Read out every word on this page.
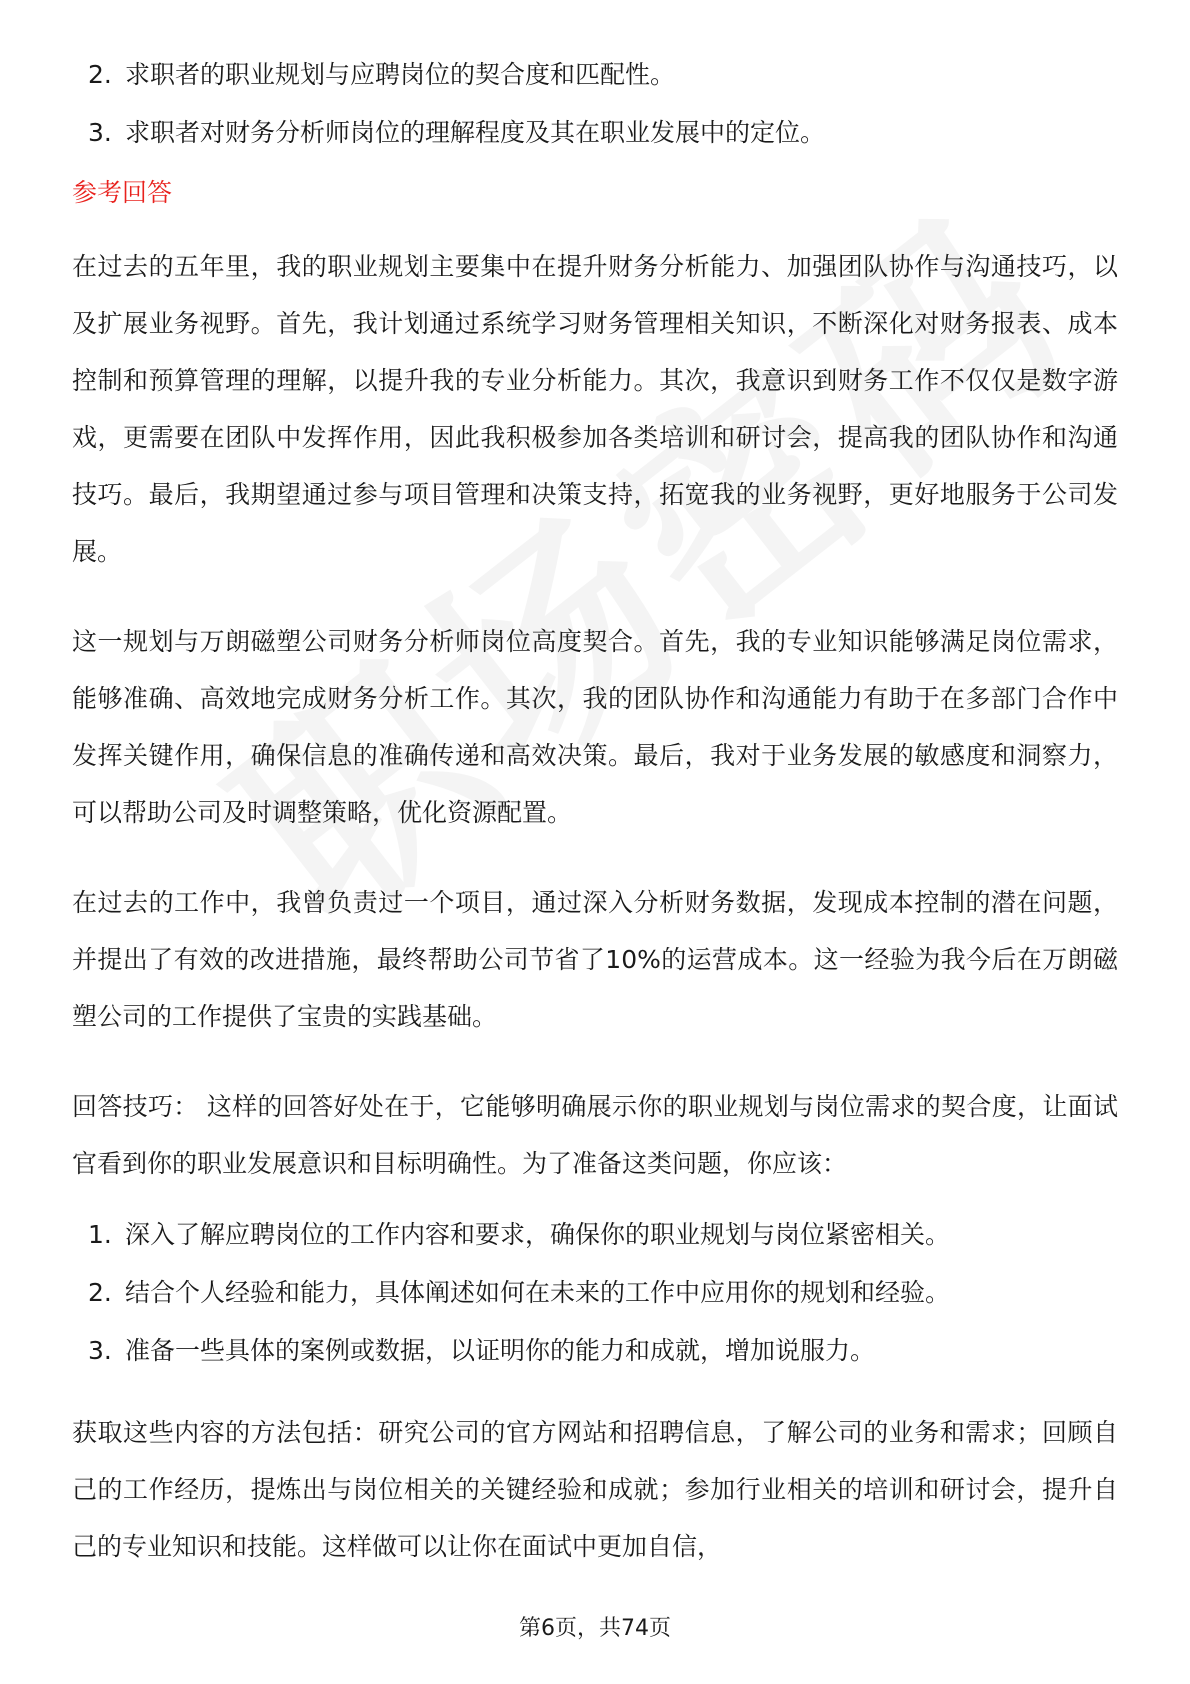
2. 求职者的职业规划与应聘岗位的契合度和匹配性。
3. 求职者对财务分析师岗位的理解程度及其在职业发展中的定位。
参考回答

在过去的五年里，我的职业规划主要集中在提升财务分析能力、加强团队协作与沟通技巧，以及扩展业务视野。首先，我计划通过系统学习财务管理相关知识，不断深化对财务报表、成本控制和预算管理的理解，以提升我的专业分析能力。其次，我意识到财务工作不仅仅是数字游戏，更需要在团队中发挥作用，因此我积极参加各类培训和研讨会，提高我的团队协作和沟通技巧。最后，我期望通过参与项目管理和决策支持，拓宽我的业务视野，更好地服务于公司发展。

这一规划与万朗磁塑公司财务分析师岗位高度契合。首先，我的专业知识能够满足岗位需求，能够准确、高效地完成财务分析工作。其次，我的团队协作和沟通能力有助于在多部门合作中发挥关键作用，确保信息的准确传递和高效决策。最后，我对于业务发展的敏感度和洞察力，可以帮助公司及时调整策略，优化资源配置。

在过去的工作中，我曾负责过一个项目，通过深入分析财务数据，发现成本控制的潜在问题，并提出了有效的改进措施，最终帮助公司节省了10%的运营成本。这一经验为我今后在万朗磁塑公司的工作提供了宝贵的实践基础。

回答技巧： 这样的回答好处在于，它能够明确展示你的职业规划与岗位需求的契合度，让面试官看到你的职业发展意识和目标明确性。为了准备这类问题，你应该：

1. 深入了解应聘岗位的工作内容和要求，确保你的职业规划与岗位紧密相关。
2. 结合个人经验和能力，具体阐述如何在未来的工作中应用你的规划和经验。
3. 准备一些具体的案例或数据，以证明你的能力和成就，增加说服力。

获取这些内容的方法包括：研究公司的官方网站和招聘信息，了解公司的业务和需求；回顾自己的工作经历，提炼出与岗位相关的关键经验和成就；参加行业相关的培训和研讨会，提升自己的专业知识和技能。这样做可以让你在面试中更加自信，

第6页，共74页
